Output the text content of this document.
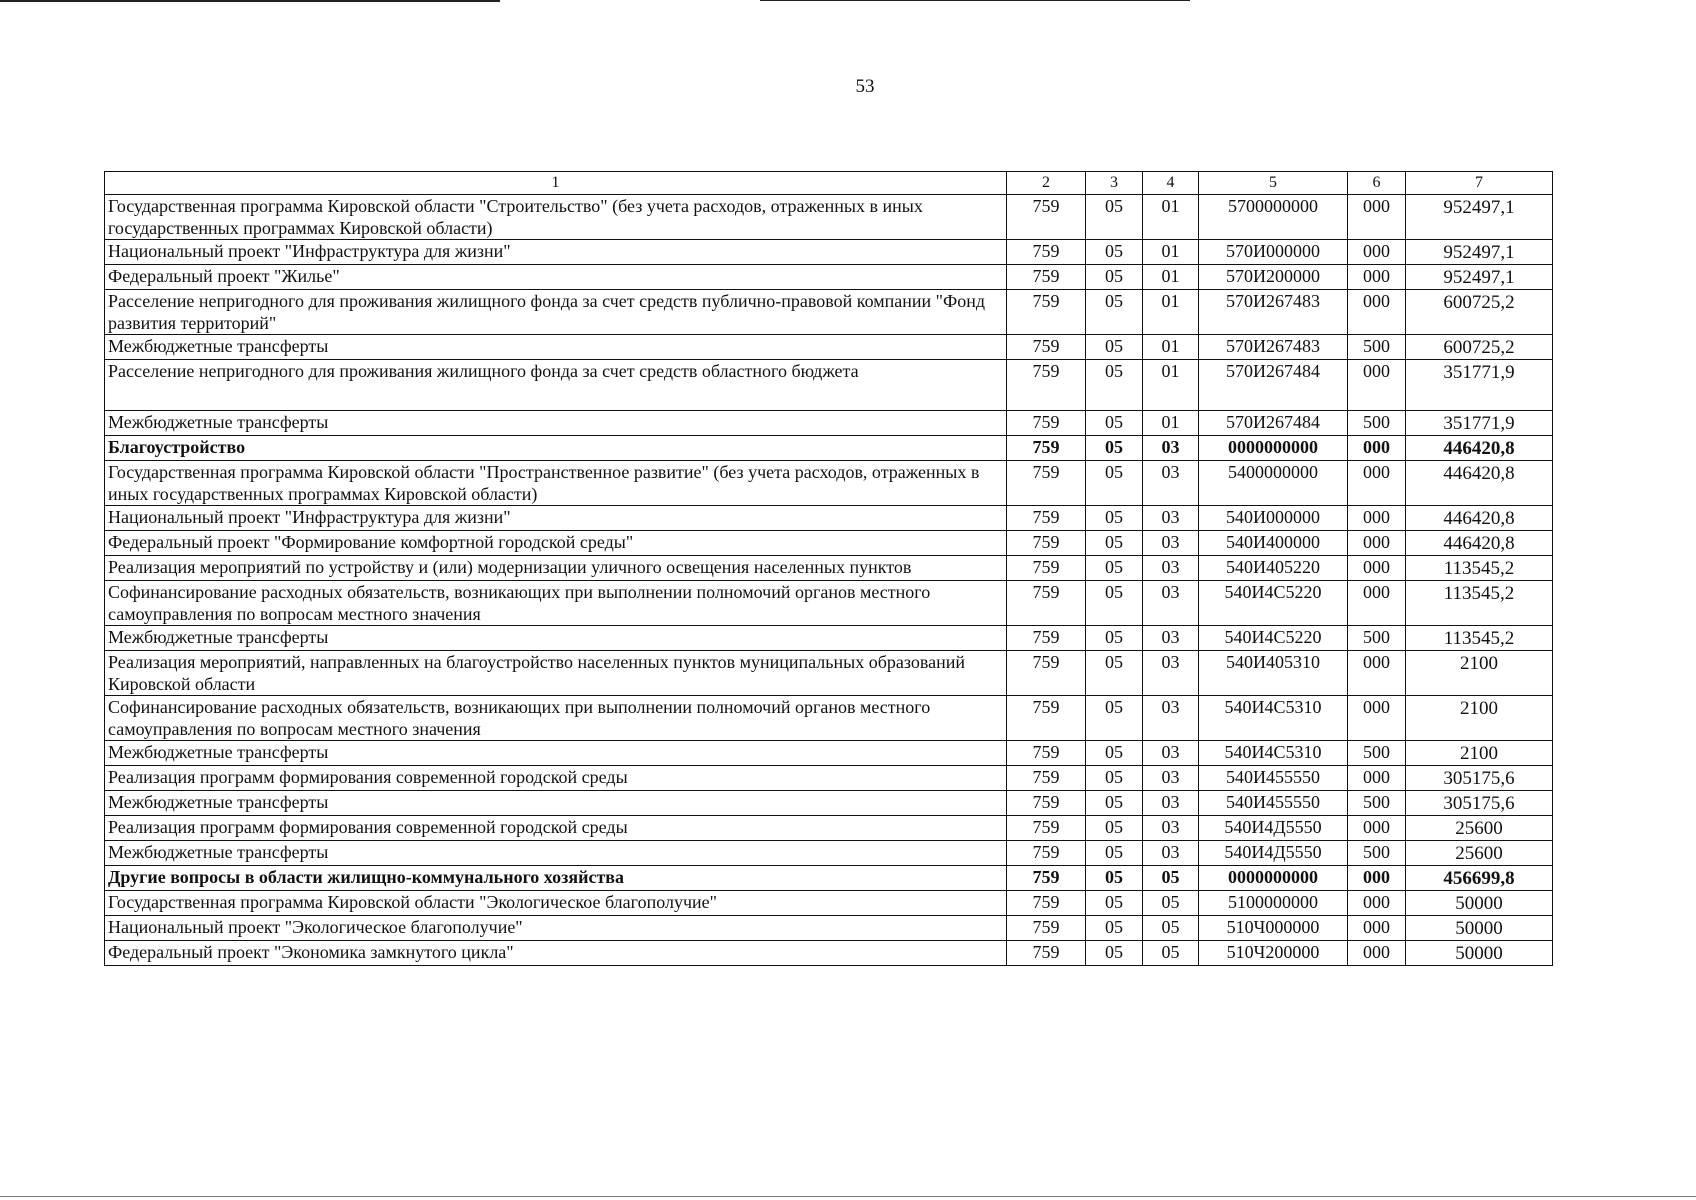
53
1	2	3	4	5	6	7
Государственная программа Кировской области "Строительство" (без учета расходов, отраженных в иных государственных программах Кировской области)	759	05	01	5700000000	000	952497,1
Национальный проект "Инфраструктура для жизни"	759	05	01	570И000000	000	952497,1
Федеральный проект "Жилье"	759	05	01	570И200000	000	952497,1
Расселение непригодного для проживания жилищного фонда за счет средств публично-правовой компании "Фонд развития территорий"	759	05	01	570И267483	000	600725,2
Межбюджетные трансферты	759	05	01	570И267483	500	600725,2
Расселение непригодного для проживания жилищного фонда за счет средств областного бюджета	759	05	01	570И267484	000	351771,9
Межбюджетные трансферты	759	05	01	570И267484	500	351771,9
Благоустройство	759	05	03	0000000000	000	446420,8
Государственная программа Кировской области "Пространственное развитие" (без учета расходов, отраженных в иных государственных программах Кировской области)	759	05	03	5400000000	000	446420,8
Национальный проект "Инфраструктура для жизни"	759	05	03	540И000000	000	446420,8
Федеральный проект "Формирование комфортной городской среды"	759	05	03	540И400000	000	446420,8
Реализация мероприятий по устройству и (или) модернизации уличного освещения населенных пунктов	759	05	03	540И405220	000	113545,2
Софинансирование расходных обязательств, возникающих при выполнении полномочий органов местного самоуправления по вопросам местного значения	759	05	03	540И4С5220	000	113545,2
Межбюджетные трансферты	759	05	03	540И4С5220	500	113545,2
Реализация мероприятий, направленных на благоустройство населенных пунктов муниципальных образований Кировской области	759	05	03	540И405310	000	2100
Софинансирование расходных обязательств, возникающих при выполнении полномочий органов местного самоуправления по вопросам местного значения	759	05	03	540И4С5310	000	2100
Межбюджетные трансферты	759	05	03	540И4С5310	500	2100
Реализация программ формирования современной городской среды	759	05	03	540И455550	000	305175,6
Межбюджетные трансферты	759	05	03	540И455550	500	305175,6
Реализация программ формирования современной городской среды	759	05	03	540И4Д5550	000	25600
Межбюджетные трансферты	759	05	03	540И4Д5550	500	25600
Другие вопросы в области жилищно-коммунального хозяйства	759	05	05	0000000000	000	456699,8
Государственная программа Кировской области "Экологическое благополучие"	759	05	05	5100000000	000	50000
Национальный проект "Экологическое благополучие"	759	05	05	510Ч000000	000	50000
Федеральный проект "Экономика замкнутого цикла"	759	05	05	510Ч200000	000	50000
